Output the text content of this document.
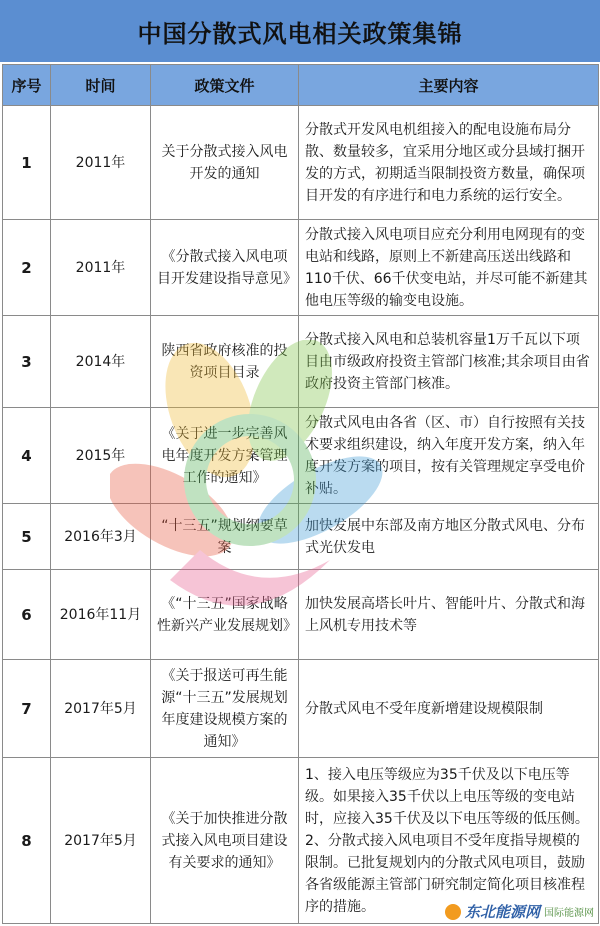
中国分散式风电相关政策集锦
序号	时间	政策文件	主要内容
1	2011年	关于分散式接入风电开发的通知	分散式开发风电机组接入的配电设施布局分散、数量较多，宜采用分地区或分县域打捆开发的方式，初期适当限制投资方数量，确保项目开发的有序进行和电力系统的运行安全。
2	2011年	《分散式接入风电项目开发建设指导意见》	分散式接入风电项目应充分利用电网现有的变电站和线路，原则上不新建高压送出线路和110千伏、66千伏变电站，并尽可能不新建其他电压等级的输变电设施。
3	2014年	陕西省政府核准的投资项目目录	分散式接入风电和总装机容量1万千瓦以下项目由市级政府投资主管部门核准;其余项目由省政府投资主管部门核准。
4	2015年	《关于进一步完善风电年度开发方案管理工作的通知》	分散式风电由各省（区、市）自行按照有关技术要求组织建设，纳入年度开发方案，纳入年度开发方案的项目，按有关管理规定享受电价补贴。
5	2016年3月	“十三五”规划纲要草案	加快发展中东部及南方地区分散式风电、分布式光伏发电
6	2016年11月	《“十三五”国家战略性新兴产业发展规划》	加快发展高塔长叶片、智能叶片、分散式和海上风机专用技术等
7	2017年5月	《关于报送可再生能源“十三五”发展规划年度建设规模方案的通知》	分散式风电不受年度新增建设规模限制
8	2017年5月	《关于加快推进分散式接入风电项目建设有关要求的通知》	1、接入电压等级应为35千伏及以下电压等级。如果接入35千伏以上电压等级的变电站时，应接入35千伏及以下电压等级的低压侧。2、分散式接入风电项目不受年度指导规模的限制。已批复规划内的分散式风电项目，鼓励各省级能源主管部门研究制定简化项目核准程序的措施。	东北能源网 国际能源网
